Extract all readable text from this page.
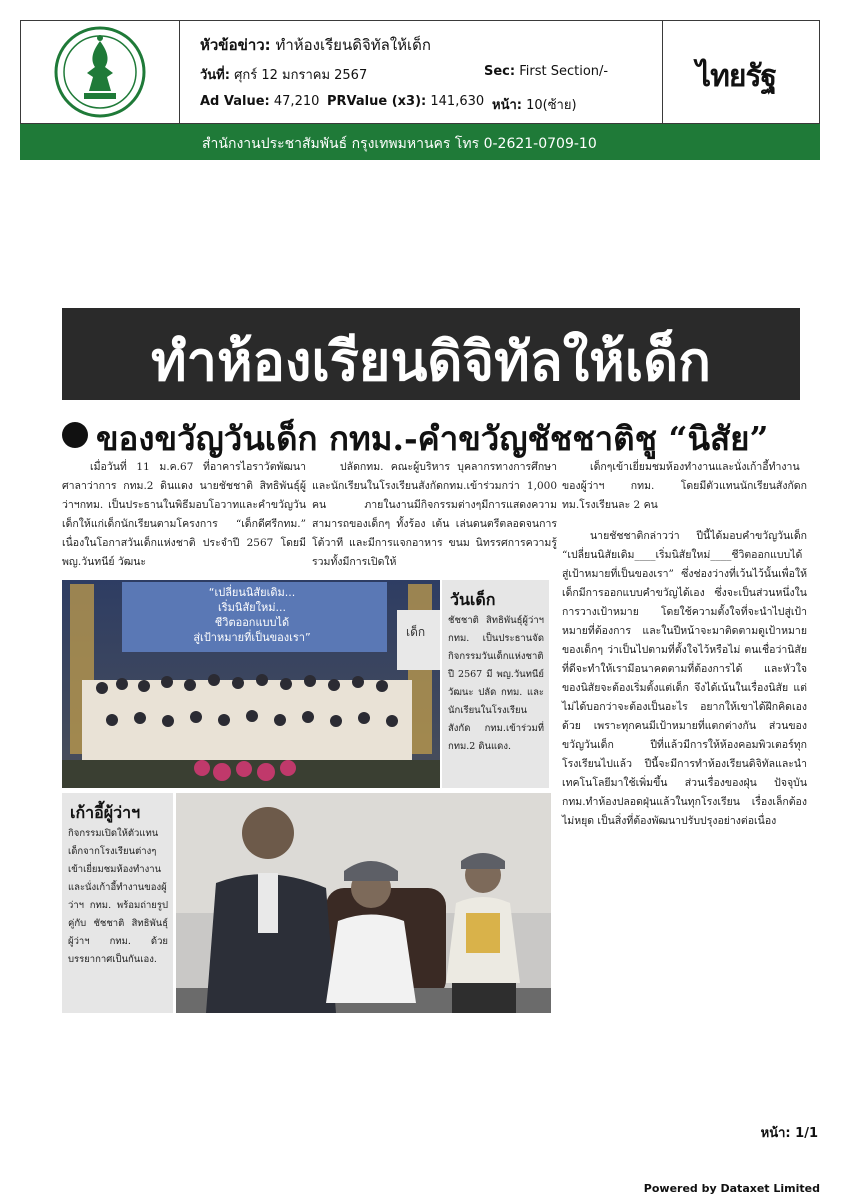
หัวข้อข่าว: ทำห้องเรียนดิจิทัลให้เด็ก
วันที่: ศุกร์ 12 มกราคม 2567	Sec: First Section/-
Ad Value: 47,210 PRValue (x3): 141,630 หน้า: 10(ซ้าย)
ไทยรัฐ
สำนักงานประชาสัมพันธ์ กรุงเทพมหานคร โทร 0-2621-0709-10
ทำห้องเรียนดิจิทัลให้เด็ก
ของขวัญวันเด็ก กทม.-คำขวัญชัชชาติชู “นิสัย”

เมื่อวันที่ 11 ม.ค.67 ที่อาคารไอราวัตพัฒนา ศาลาว่าการ กทม.2 ดินแดง นายชัชชาติ สิทธิพันธุ์ผู้ว่าฯกทม. เป็นประธานในพิธีมอบโอวาทและคำขวัญวันเด็กให้แก่เด็กนักเรียนตามโครงการ “เด็กดีศรีกทม.” เนื่องในโอกาสวันเด็กแห่งชาติ ประจำปี 2567 โดยมี พญ.วันทนีย์ วัฒนะ

ปลัดกทม. คณะผู้บริหาร บุคลากรทางการศึกษา และนักเรียนในโรงเรียนสังกัดกทม.เข้าร่วมกว่า 1,000 คน ภายในงานมีกิจกรรมต่างๆมีการแสดงความสามารถของเด็กๆ ทั้งร้อง เต้น เล่นดนตรีตลอดจนการโต้วาที และมีการแจกอาหาร ขนม นิทรรศการความรู้ รวมทั้งมีการเปิดให้

เด็กๆเข้าเยี่ยมชมห้องทำงานและนั่งเก้าอี้ทำงานของผู้ว่าฯ กทม. โดยมีตัวแทนนักเรียนสังกัดกทม.โรงเรียนละ 2 คน

นายชัชชาติกล่าวว่า ปีนี้ได้มอบคำขวัญวันเด็ก “เปลี่ยนนิสัยเดิม____เริ่มนิสัยใหม่____ชีวิตออกแบบได้ สู่เป้าหมายที่เป็นของเรา” ซึ่งช่องว่างที่เว้นไว้นั้นเพื่อให้เด็กมีการออกแบบคำขวัญได้เอง ซึ่งจะเป็นส่วนหนึ่งในการวางเป้าหมาย โดยใช้ความตั้งใจที่จะนำไปสู่เป้าหมายที่ต้องการ และในปีหน้าจะมาติดตามดูเป้าหมายของเด็กๆ ว่าเป็นไปตามที่ตั้งใจไว้หรือไม่ ตนเชื่อว่านิสัยที่ดีจะทำให้เรามีอนาคตตามที่ต้องการได้ และหัวใจของนิสัยจะต้องเริ่มตั้งแต่เด็ก จึงได้เน้นในเรื่องนิสัย แต่ไม่ได้บอกว่าจะต้องเป็นอะไร อยากให้เขาได้ฝึกคิดเองด้วย เพราะทุกคนมีเป้าหมายที่แตกต่างกัน ส่วนของขวัญวันเด็ก ปีที่แล้วมีการให้ห้องคอมพิวเตอร์ทุกโรงเรียนไปแล้ว ปีนี้จะมีการทำห้องเรียนดิจิทัลและนำเทคโนโลยีมาใช้เพิ่มขึ้น ส่วนเรื่องของฝุ่น ปัจจุบัน กทม.ทำห้องปลอดฝุ่นแล้วในทุกโรงเรียน เรื่องเล็กต้องไม่หยุด เป็นสิ่งที่ต้องพัฒนาปรับปรุงอย่างต่อเนื่อง

“เปลี่ยนนิสัยเดิม...
เริ่มนิสัยใหม่...
ชีวิตออกแบบได้
สู่เป้าหมายที่เป็นของเรา”	เด็ก
วันเด็ก
ชัชชาติ สิทธิพันธุ์ผู้ว่าฯกทม. เป็นประธานจัดกิจกรรมวันเด็กแห่งชาติ ปี 2567 มี พญ.วันทนีย์ วัฒนะ ปลัด กทม. และนักเรียนในโรงเรียนสังกัด กทม.เข้าร่วมที่ กทม.2 ดินแดง.
เก้าอี้ผู้ว่าฯ
กิจกรรมเปิดให้ตัวแทนเด็กจากโรงเรียนต่างๆเข้าเยี่ยมชมห้องทำงานและนั่งเก้าอี้ทำงานของผู้ว่าฯ กทม. พร้อมถ่ายรูปคู่กับ ชัชชาติ สิทธิพันธุ์ ผู้ว่าฯ กทม. ด้วยบรรยากาศเป็นกันเอง.
หน้า: 1/1
Powered by Dataxet Limited
